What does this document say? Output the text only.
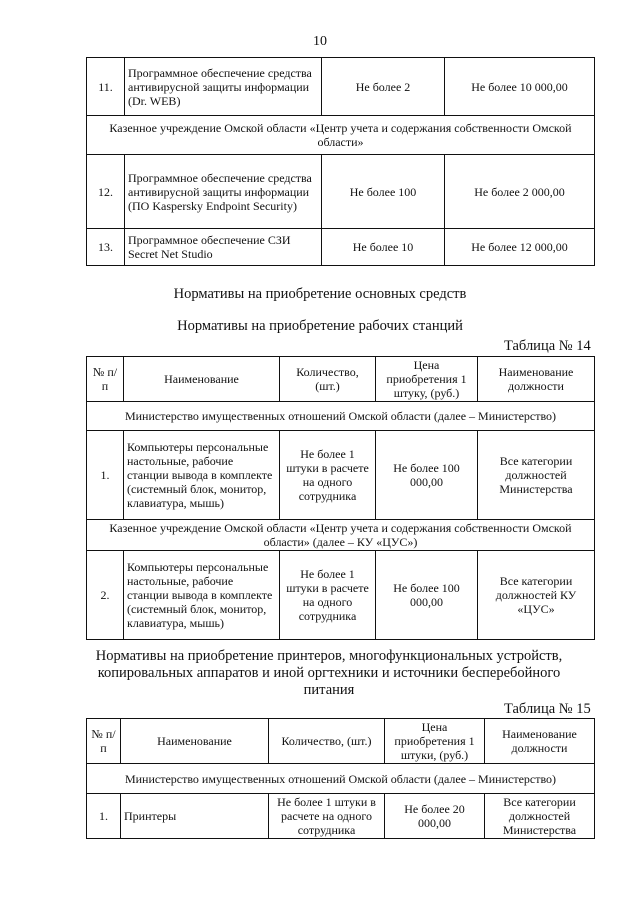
10
11.	Программное обеспечение средства антивирусной защиты информации (Dr. WEB)	Не более 2	Не более 10 000,00
Казенное учреждение Омской области «Центр учета и содержания собственности Омской области»			
12.	Программное обеспечение средства антивирусной защиты информации (ПО Kaspersky Endpoint Security)	Не более 100	Не более 2 000,00
13.	Программное обеспечение СЗИ Secret Net Studio	Не более 10	Не более 12 000,00
Нормативы на приобретение основных средств
Нормативы на приобретение рабочих станций
Таблица № 14
№ п/п	Наименование	Количество, (шт.)	Цена приобретения 1 штуку, (руб.)	Наименование должности
Министерство имущественных отношений Омской области (далее – Министерство)				
1.	Компьютеры персональные настольные, рабочие станции вывода в комплекте (системный блок, монитор, клавиатура, мышь)	Не более 1 штуки в расчете на одного сотрудника	Не более 100 000,00	Все категории должностей Министерства
Казенное учреждение Омской области «Центр учета и содержания собственности Омской области» (далее – КУ «ЦУС»)				
2.	Компьютеры персональные настольные, рабочие станции вывода в комплекте (системный блок, монитор, клавиатура, мышь)	Не более 1 штуки в расчете на одного сотрудника	Не более 100 000,00	Все категории должностей КУ «ЦУС»
Нормативы на приобретение принтеров, многофункциональных устройств, копировальных аппаратов и иной оргтехники и источники бесперебойного питания
Таблица № 15
№ п/п	Наименование	Количество, (шт.)	Цена приобретения 1 штуки, (руб.)	Наименование должности
Министерство имущественных отношений Омской области (далее – Министерство)				
1.	Принтеры	Не более 1 штуки в расчете на одного сотрудника	Не более 20 000,00	Все категории должностей Министерства
